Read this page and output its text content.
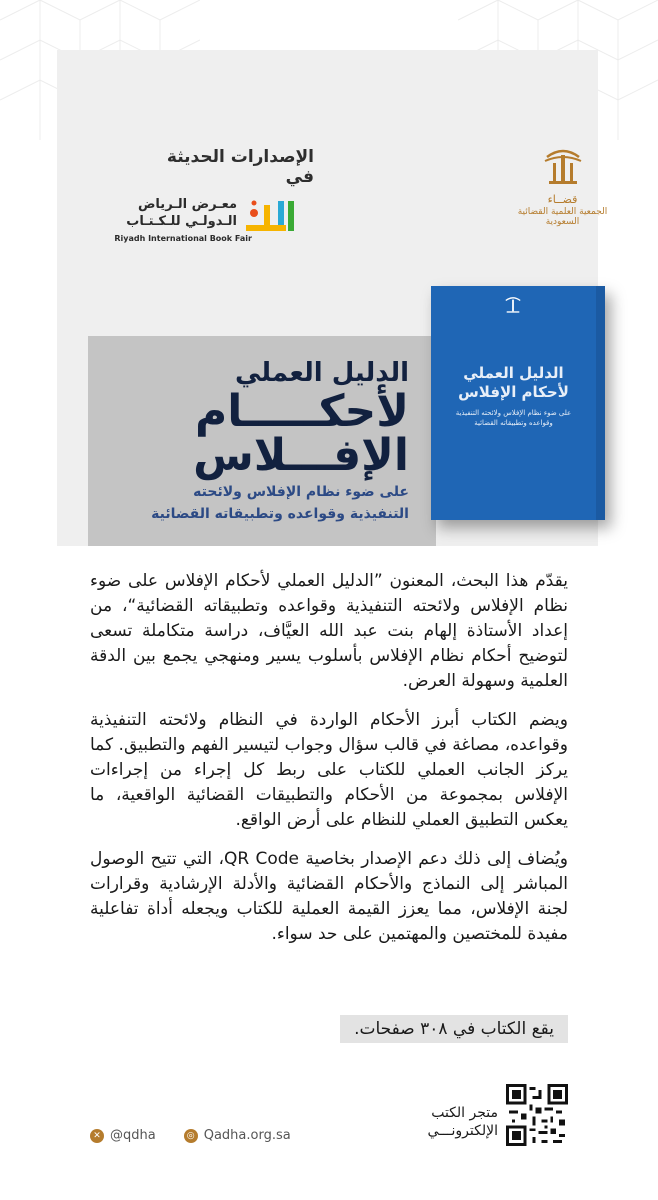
الإصدارات الحديثة في
معـرض الـرياض
الـدولـي للـكـتـاب
Riyadh International Book Fair
قضــاء
الجمعية العلمية القضائية السعودية
الدليل العملي
لأحكـــــام
الإفـــلاس
على ضوء نظام الإفلاس ولائحته
التنفيذية وقواعده وتطبيقاته القضائية
الدليل العملي لأحكام الإفلاس
على ضوء نظام الإفلاس ولائحته التنفيذية وقواعده وتطبيقاته القضائية

يقدّم هذا البحث، المعنون ”الدليل العملي لأحكام الإفلاس على ضوء نظام الإفلاس ولائحته التنفيذية وقواعده وتطبيقاته القضائية“، من إعداد الأستاذة إلهام بنت عبد الله العيَّاف، دراسة متكاملة تسعى لتوضيح أحكام نظام الإفلاس بأسلوب يسير ومنهجي يجمع بين الدقة العلمية وسهولة العرض.

ويضم الكتاب أبرز الأحكام الواردة في النظام ولائحته التنفيذية وقواعده، مصاغة في قالب سؤال وجواب لتيسير الفهم والتطبيق. كما يركز الجانب العملي للكتاب على ربط كل إجراء من إجراءات الإفلاس بمجموعة من الأحكام والتطبيقات القضائية الواقعية، ما يعكس التطبيق العملي للنظام على أرض الواقع.

ويُضاف إلى ذلك دعم الإصدار بخاصية QR Code، التي تتيح الوصول المباشر إلى النماذج والأحكام القضائية والأدلة الإرشادية وقرارات لجنة الإفلاس، مما يعزز القيمة العملية للكتاب ويجعله أداة تفاعلية مفيدة للمختصين والمهتمين على حد سواء.

يقع الكتاب في ٣٠٨ صفحات.
✕ @qdha	◎ Qadha.org.sa
متجر الكتب
الإلكترونـــي
